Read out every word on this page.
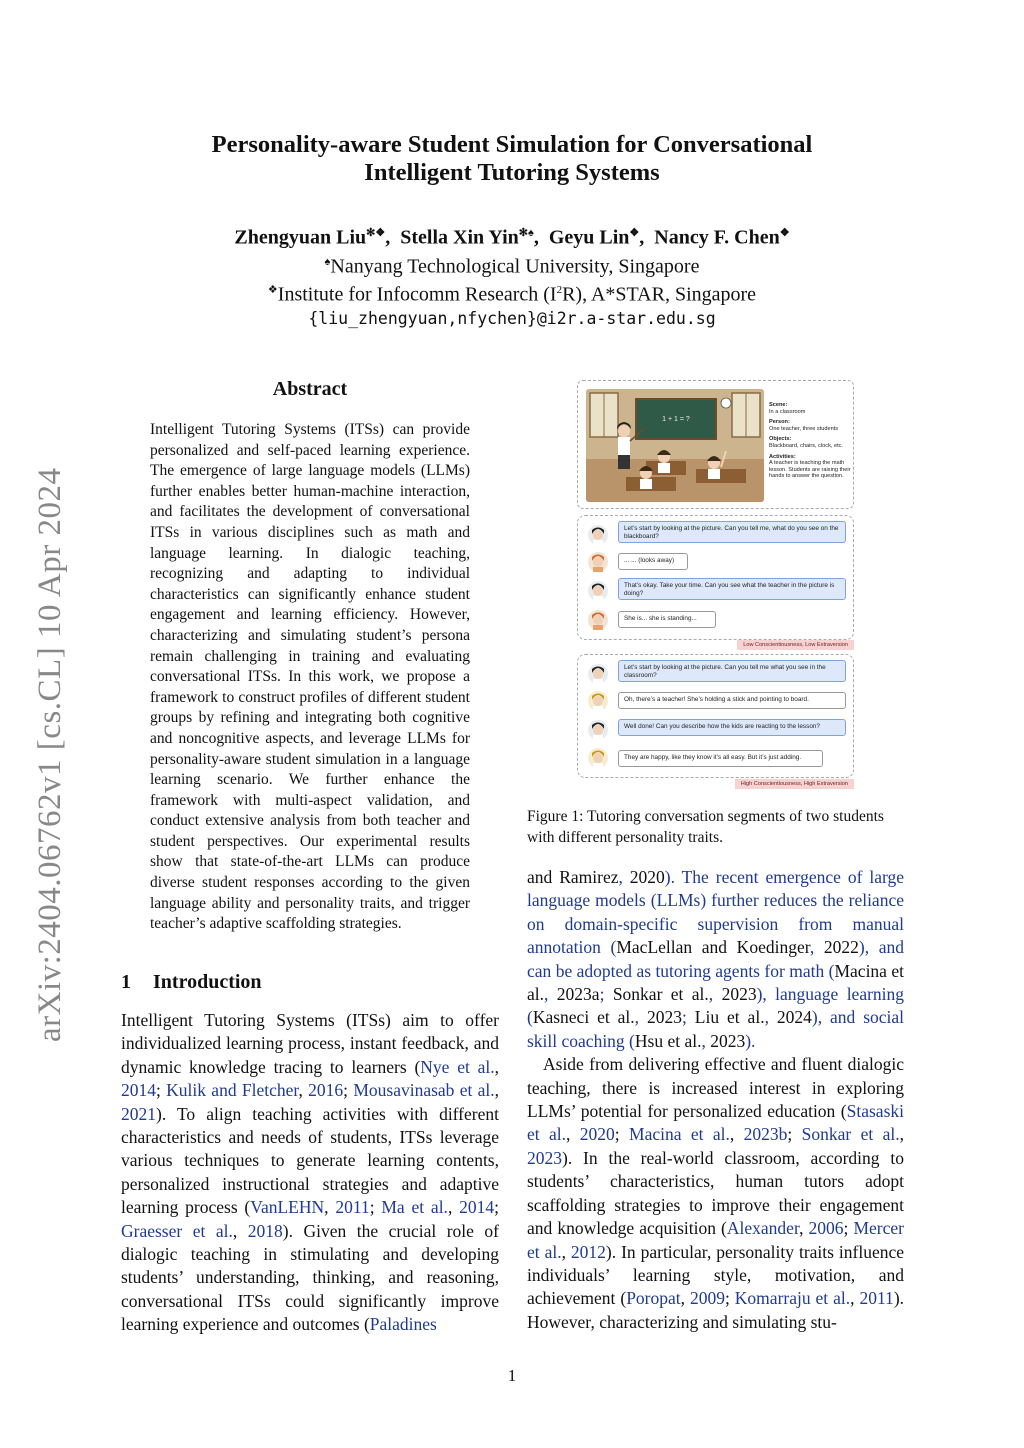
arXiv:2404.06762v1 [cs.CL] 10 Apr 2024
Personality-aware Student Simulation for Conversational
Intelligent Tutoring Systems
Zhengyuan Liu✻❖,  Stella Xin Yin✻♠,  Geyu Lin❖,  Nancy F. Chen❖
♠Nanyang Technological University, Singapore
❖Institute for Infocomm Research $(I^2R)$, A*STAR, Singapore
{liu_zhengyuan,nfychen}@i2r.a-star.edu.sg
Abstract
Intelligent Tutoring Systems (ITSs) can provide personalized and self-paced learning experience. The emergence of large language models (LLMs) further enables better human-machine interaction, and facilitates the development of conversational ITSs in various disciplines such as math and language learning. In dialogic teaching, recognizing and adapting to individual characteristics can significantly enhance student engagement and learning efficiency. However, characterizing and simulating student’s persona remain challenging in training and evaluating conversational ITSs. In this work, we propose a framework to construct profiles of different student groups by refining and integrating both cognitive and noncognitive aspects, and leverage LLMs for personality-aware student simulation in a language learning scenario. We further enhance the framework with multi-aspect validation, and conduct extensive analysis from both teacher and student perspectives. Our experimental results show that state-of-the-art LLMs can produce diverse student responses according to the given language ability and personality traits, and trigger teacher’s adaptive scaffolding strategies.
1 Introduction
Intelligent Tutoring Systems (ITSs) aim to offer individualized learning process, instant feedback, and dynamic knowledge tracing to learners (Nye et al., 2014; Kulik and Fletcher, 2016; Mousavinasab et al., 2021). To align teaching activities with different characteristics and needs of students, ITSs leverage various techniques to generate learning contents, personalized instructional strategies and adaptive learning process (VanLEHN, 2011; Ma et al., 2014; Graesser et al., 2018). Given the crucial role of dialogic teaching in stimulating and developing students’ understanding, thinking, and reasoning, conversational ITSs could significantly improve learning experience and outcomes (Paladines
1 + 1 = ?
Scene:
In a classroom
Person:
One teacher, three students
Objects:
Blackboard, chairs, clock, etc.
Activities:
A teacher is teaching the math lesson. Students are raising their hands to answer the question.
Let’s start by looking at the picture. Can you tell me, what do you see on the blackboard?
... ... (looks away)
That’s okay. Take your time. Can you see what the teacher in the picture is doing?
She is... she is standing...
Low Conscientiousness, Low Extraversion
Let’s start by looking at the picture. Can you tell me what you see in the classroom?
Oh, there’s a teacher! She’s holding a stick and pointing to board.
Well done! Can you describe how the kids are reacting to the lesson?
They are happy, like they know it’s all easy. But it’s just adding.
High Conscientiousness, High Extraversion
Figure 1: Tutoring conversation segments of two students with different personality traits.

and Ramirez, 2020). The recent emergence of large language models (LLMs) further reduces the reliance on domain-specific supervision from manual annotation (MacLellan and Koedinger, 2022), and can be adopted as tutoring agents for math (Macina et al., 2023a; Sonkar et al., 2023), language learning (Kasneci et al., 2023; Liu et al., 2024), and social skill coaching (Hsu et al., 2023).

Aside from delivering effective and fluent dialogic teaching, there is increased interest in exploring LLMs’ potential for personalized education (Stasaski et al., 2020; Macina et al., 2023b; Sonkar et al., 2023). In the real-world classroom, according to students’ characteristics, human tutors adopt scaffolding strategies to improve their engagement and knowledge acquisition (Alexander, 2006; Mercer et al., 2012). In particular, personality traits influence individuals’ learning style, motivation, and achievement (Poropat, 2009; Komarraju et al., 2011). However, characterizing and simulating stu-

1
